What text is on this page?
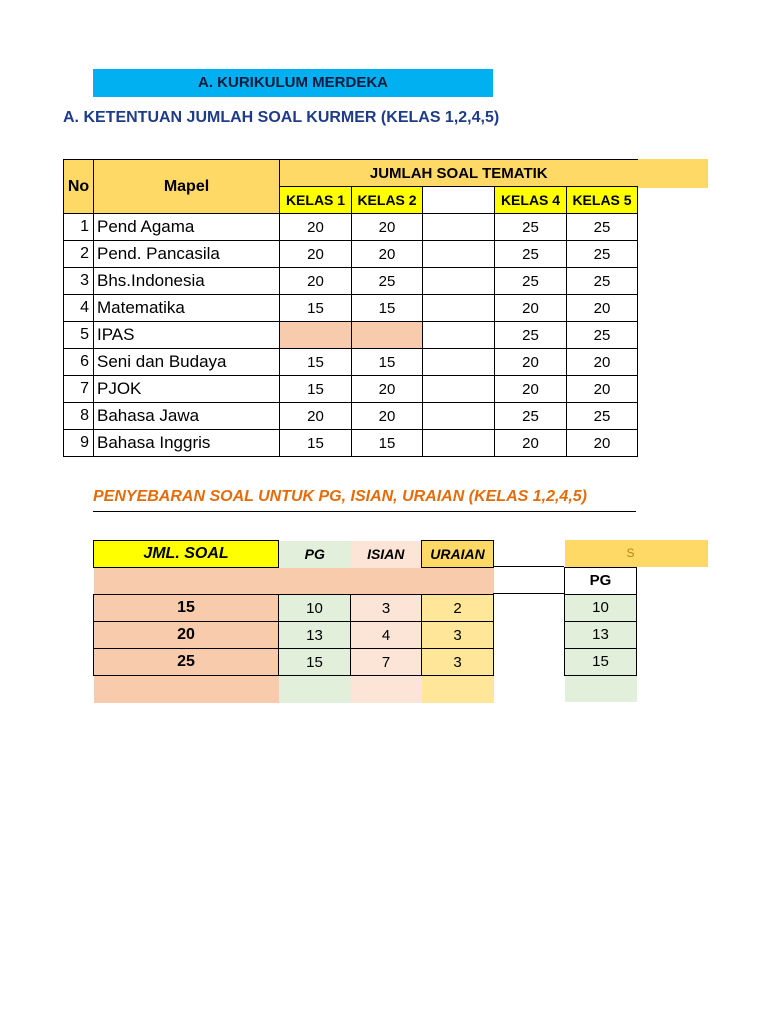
A. KURIKULUM MERDEKA
A. KETENTUAN JUMLAH SOAL KURMER (KELAS 1,2,4,5)
No	Mapel	JUMLAH SOAL TEMATIK				
		KELAS 1	KELAS 2		KELAS 4	KELAS 5
1	Pend Agama	20	20		25	25
2	Pend. Pancasila	20	20		25	25
3	Bhs.Indonesia	20	25		25	25
4	Matematika	15	15		20	20
5	IPAS				25	25
6	Seni dan Budaya	15	15		20	20
7	PJOK	15	20		20	20
8	Bahasa Jawa	20	20		25	25
9	Bahasa Inggris	15	15		20	20
PENYEBARAN SOAL UNTUK PG, ISIAN, URAIAN (KELAS 1,2,4,5)
JML. SOAL	PG	ISIAN	URAIAN

15	10	3	2
20	13	4	3
25	15	7	3

S
PG
10
13
15
